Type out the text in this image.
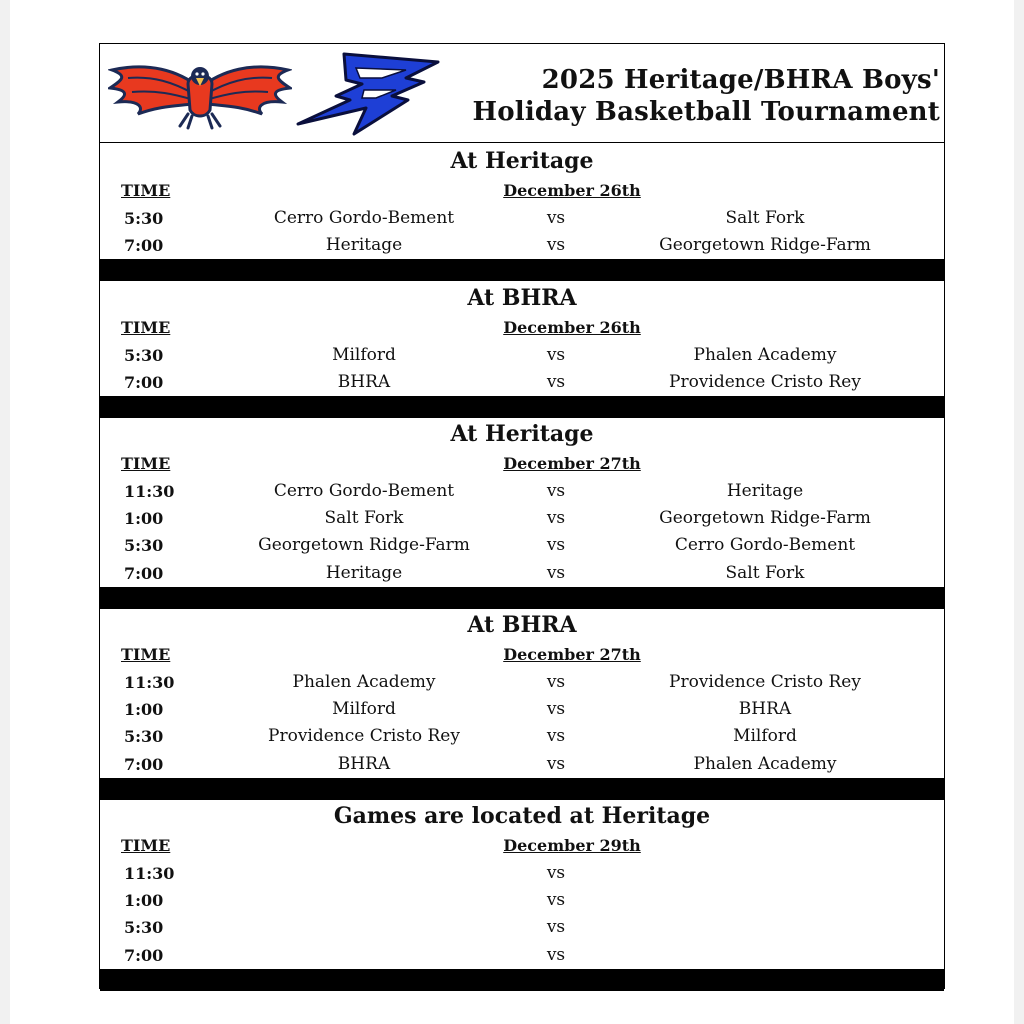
2025 Heritage/BHRA Boys'
Holiday Basketball Tournament
At Heritage
TIME	December 26th
5:30	Cerro Gordo-Bement	vs	Salt Fork
7:00	Heritage	vs	Georgetown Ridge-Farm
At BHRA
TIME	December 26th
5:30	Milford	vs	Phalen Academy
7:00	BHRA	vs	Providence Cristo Rey
At Heritage
TIME	December 27th
11:30	Cerro Gordo-Bement	vs	Heritage
1:00	Salt Fork	vs	Georgetown Ridge-Farm
5:30	Georgetown Ridge-Farm	vs	Cerro Gordo-Bement
7:00	Heritage	vs	Salt Fork
At BHRA
TIME	December 27th
11:30	Phalen Academy	vs	Providence Cristo Rey
1:00	Milford	vs	BHRA
5:30	Providence Cristo Rey	vs	Milford
7:00	BHRA	vs	Phalen Academy
Games are located at Heritage
TIME	December 29th
11:30	vs
1:00	vs
5:30	vs
7:00	vs
